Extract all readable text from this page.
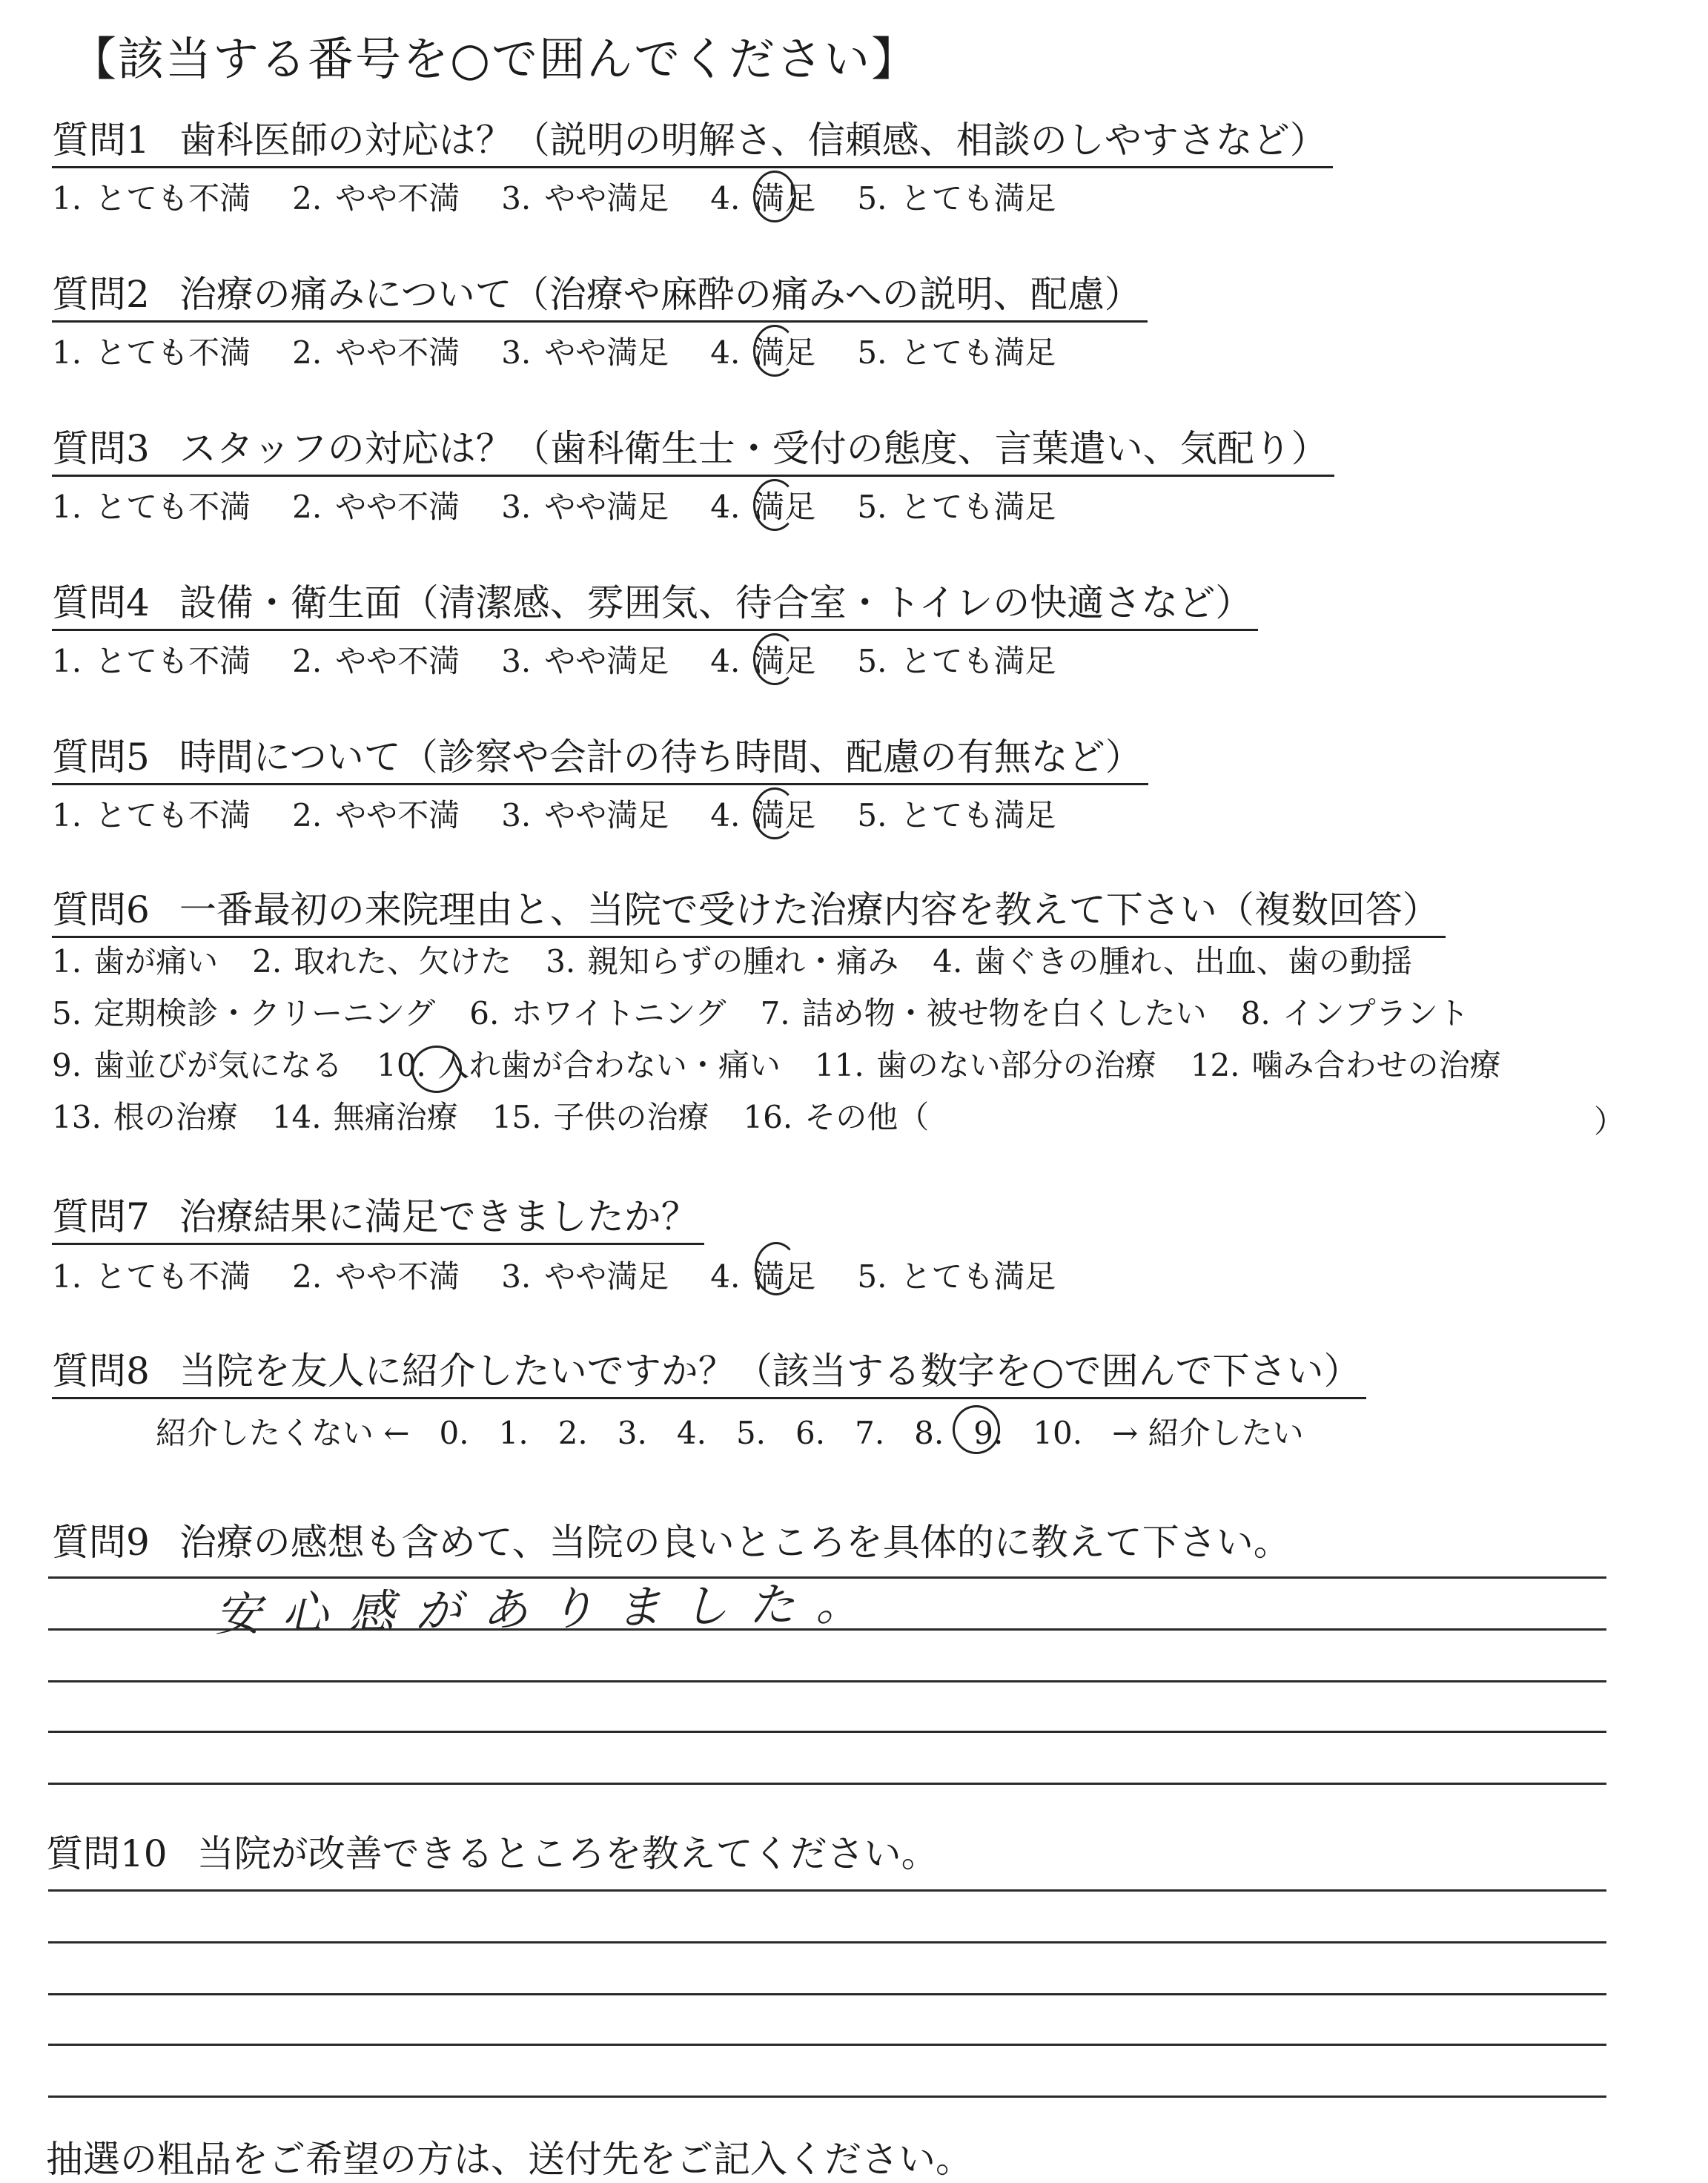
【該当する番号を○で囲んでください】
質問1 歯科医師の対応は？（説明の明解さ、信頼感、相談のしやすさなど）
1. とても不満 2. やや不満 3. やや満足 4. 満足 5. とても満足
質問2 治療の痛みについて（治療や麻酔の痛みへの説明、配慮）
1. とても不満 2. やや不満 3. やや満足 4. 満足 5. とても満足
質問3 スタッフの対応は？（歯科衛生士・受付の態度、言葉遣い、気配り）
1. とても不満 2. やや不満 3. やや満足 4. 満足 5. とても満足
質問4 設備・衛生面（清潔感、雰囲気、待合室・トイレの快適さなど）
1. とても不満 2. やや不満 3. やや満足 4. 満足 5. とても満足
質問5 時間について（診察や会計の待ち時間、配慮の有無など）
1. とても不満 2. やや不満 3. やや満足 4. 満足 5. とても満足
質問6 一番最初の来院理由と、当院で受けた治療内容を教えて下さい（複数回答）
1. 歯が痛い 2. 取れた、欠けた 3. 親知らずの腫れ・痛み 4. 歯ぐきの腫れ、出血、歯の動揺
5. 定期検診・クリーニング 6. ホワイトニング 7. 詰め物・被せ物を白くしたい 8. インプラント
9. 歯並びが気になる 10. 入れ歯が合わない・痛い 11. 歯のない部分の治療 12. 噛み合わせの治療
13. 根の治療 14. 無痛治療 15. 子供の治療 16. その他（	）
質問7 治療結果に満足できましたか？
1. とても不満 2. やや不満 3. やや満足 4. 満足 5. とても満足
質問8 当院を友人に紹介したいですか？（該当する数字を○で囲んで下さい）
紹介したくない ← 0. 1. 2. 3. 4. 5. 6. 7. 8. 9. 10. → 紹介したい
質問9 治療の感想も含めて、当院の良いところを具体的に教えて下さい。
安心感がありました。
質問10 当院が改善できるところを教えてください。
抽選の粗品をご希望の方は、送付先をご記入ください。
